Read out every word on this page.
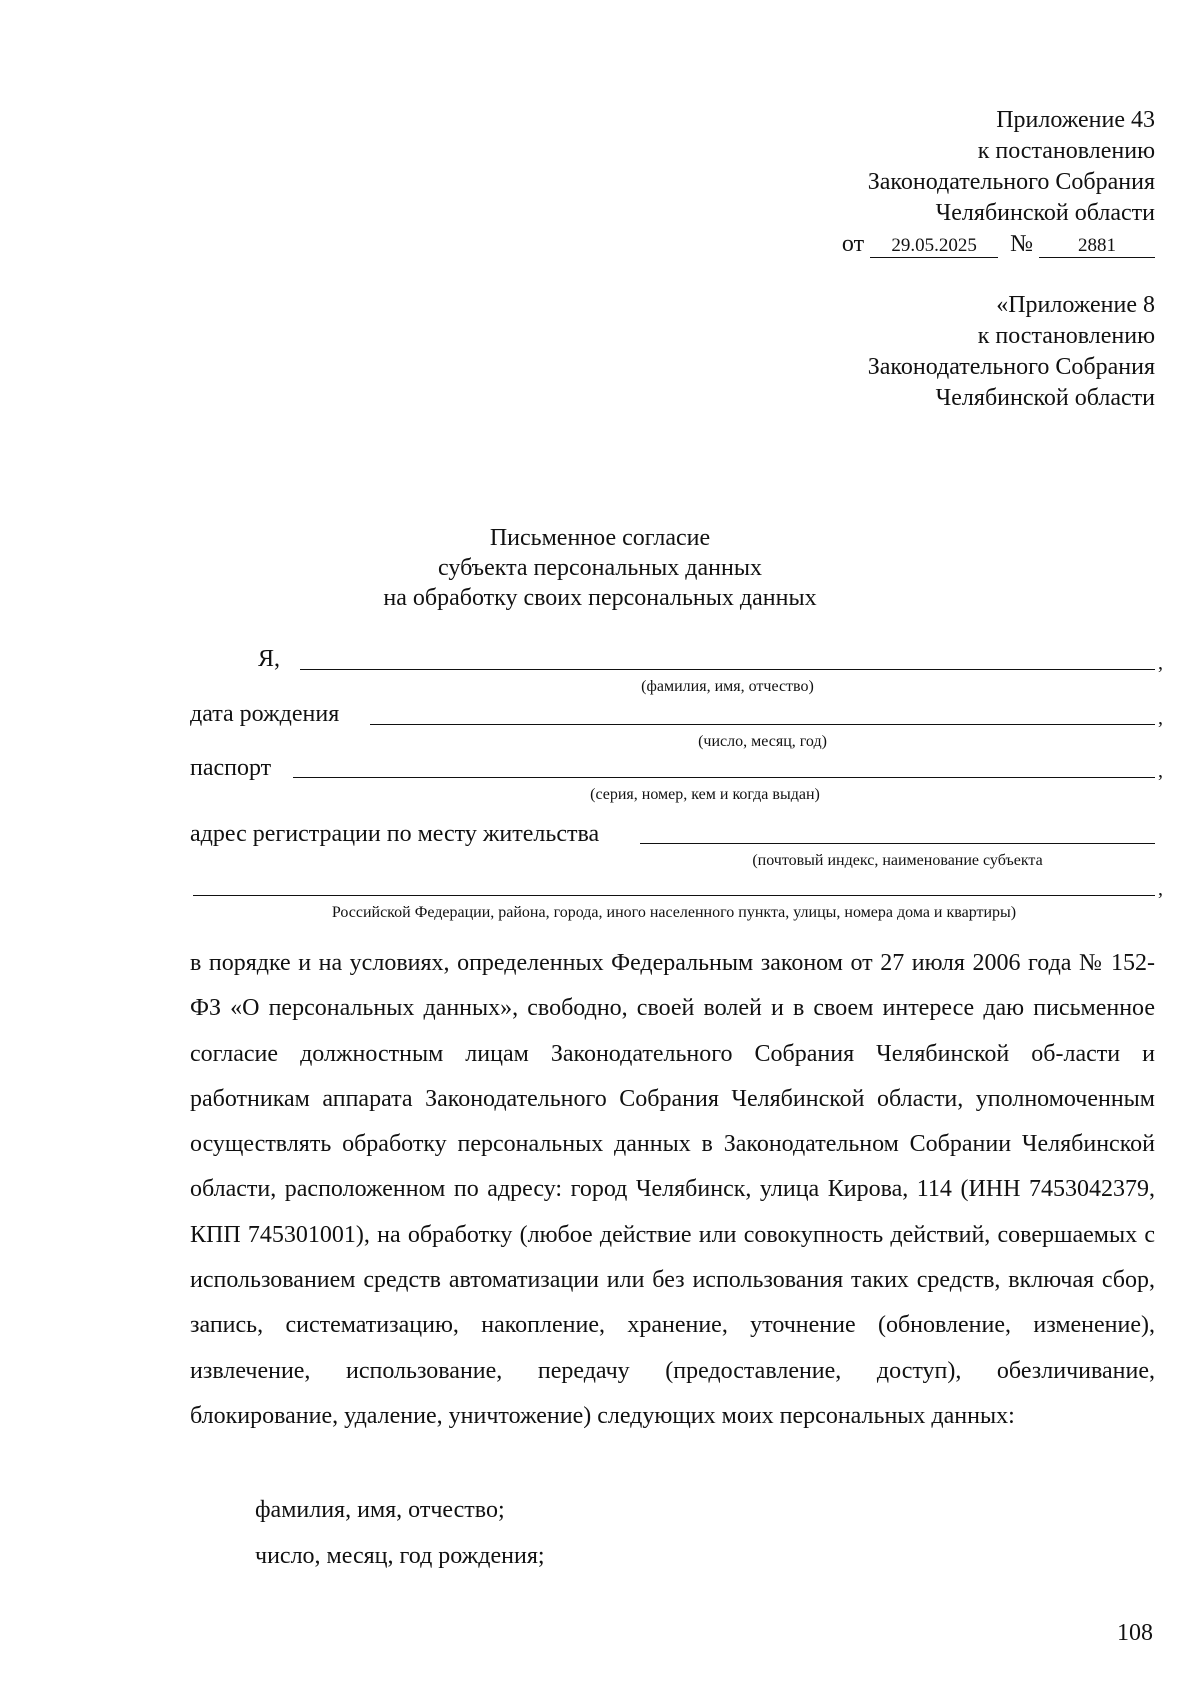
Приложение 43
к постановлению
Законодательного Собрания
Челябинской области
от 29.05.2025 № 2881
«Приложение 8
к постановлению
Законодательного Собрания
Челябинской области
Письменное согласие
субъекта персональных данных
на обработку своих персональных данных
Я,	,
(фамилия, имя, отчество)
дата рождения	,
(число, месяц, год)
паспорт	,
(серия, номер, кем и когда выдан)
адрес регистрации по месту жительства
(почтовый индекс, наименование субъекта
,
Российской Федерации, района, города, иного населенного пункта, улицы, номера дома и квартиры)
в порядке и на условиях, определенных Федеральным законом от 27 июля 2006 года № 152-ФЗ «О персональных данных», свободно, своей волей и в своем интересе даю письменное согласие должностным лицам Законодательного Собрания Челябинской об-ласти и работникам аппарата Законодательного Собрания Челябинской области, уполномоченным осуществлять обработку персональных данных в Законодательном Собрании Челябинской области, расположенном по адресу: город Челябинск, улица Кирова, 114 (ИНН 7453042379, КПП 745301001), на обработку (любое действие или совокупность действий, совершаемых с использованием средств автоматизации или без использования таких средств, включая сбор, запись, систематизацию, накопление, хранение, уточнение (обновление, изменение), извлечение, использование, передачу (предоставление, доступ), обезличивание, блокирование, удаление, уничтожение) следующих моих персональных данных:
фамилия, имя, отчество;
число, месяц, год рождения;
108
